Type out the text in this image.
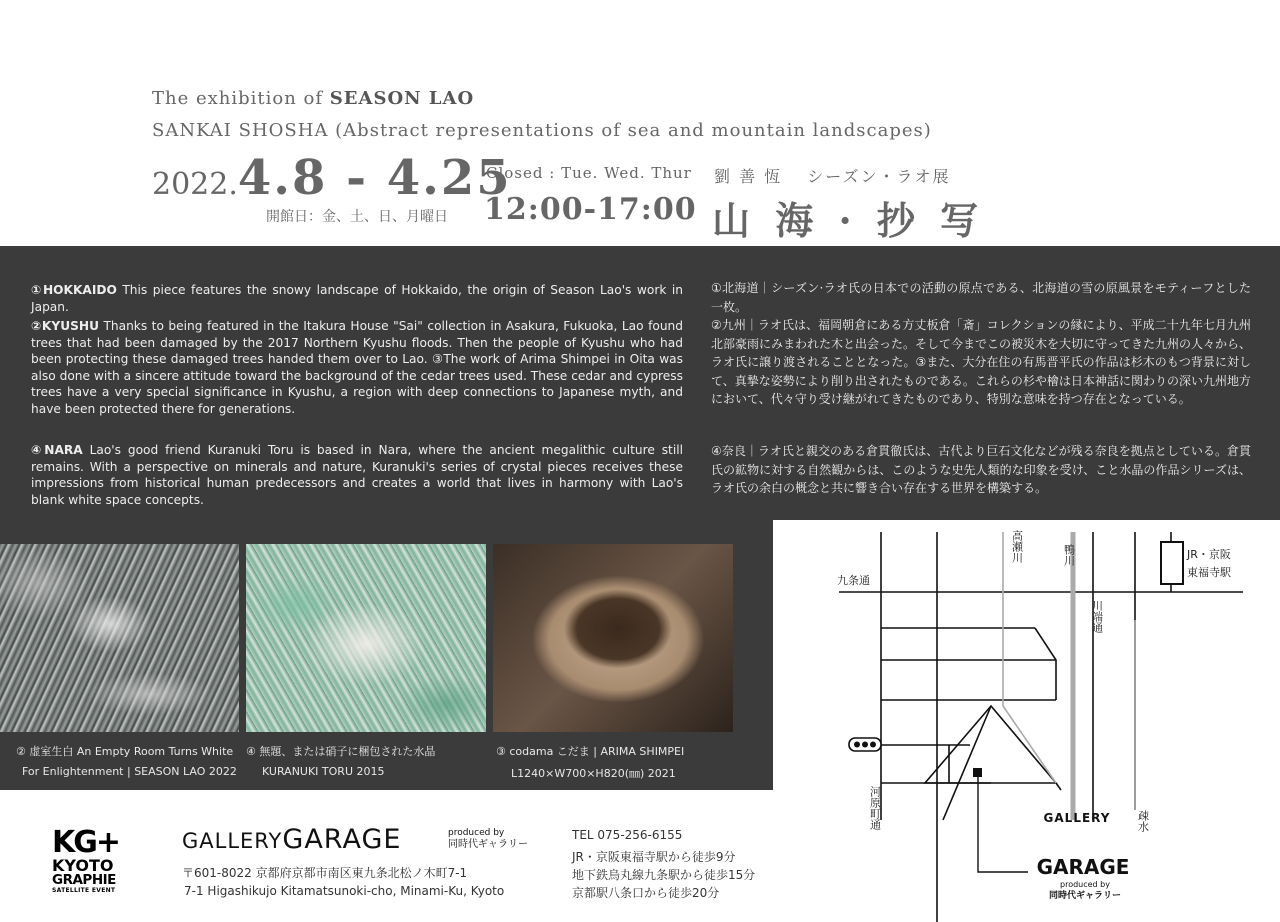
The exhibition of SEASON LAO
SANKAI SHOSHA (Abstract representations of sea and mountain landscapes)
2022.4.8 - 4.25
開館日：金、土、日、月曜日
Closed : Tue. Wed. Thur
12:00-17:00
劉 善 恆　 シーズン・ラオ展
山 海 · 抄 写
①HOKKAIDO This piece features the snowy landscape of Hokkaido, the origin of Season Lao's work in Japan.
②KYUSHU Thanks to being featured in the Itakura House "Sai" collection in Asakura, Fukuoka, Lao found trees that had been damaged by the 2017 Northern Kyushu floods. Then the people of Kyushu who had been protecting these damaged trees handed them over to Lao. ③The work of Arima Shimpei in Oita was also done with a sincere attitude toward the background of the cedar trees used. These cedar and cypress trees have a very special significance in Kyushu, a region with deep connections to Japanese myth, and have been protected there for generations.
④NARA Lao's good friend Kuranuki Toru is based in Nara, where the ancient megalithic culture still remains. With a perspective on minerals and nature, Kuranuki's series of crystal pieces receives these impressions from historical human predecessors and creates a world that lives in harmony with Lao's blank white space concepts.
①北海道｜シーズン·ラオ氏の日本での活動の原点である、北海道の雪の原風景をモティーフとした一枚。
②九州｜ラオ氏は、福岡朝倉にある方丈板倉「斎」コレクションの縁により、平成二十九年七月九州北部豪雨にみまわれた木と出会った。そして今までこの被災木を大切に守ってきた九州の人々から、ラオ氏に譲り渡されることとなった。③また、大分在住の有馬晋平氏の作品は杉木のもつ背景に対して、真摯な姿勢により削り出されたものである。これらの杉や檜は日本神話に関わりの深い九州地方において、代々守り受け継がれてきたものであり、特別な意味を持つ存在となっている。
④奈良｜ラオ氏と親交のある倉貫徹氏は、古代より巨石文化などが残る奈良を拠点としている。倉貫氏の鉱物に対する自然観からは、このような史先人類的な印象を受け、こと水晶の作品シリーズは、ラオ氏の余白の概念と共に響き合い存在する世界を構築する。
② 虚室生白 An Empty Room Turns White
For Enlightenment | SEASON LAO 2022
④ 無題、または硝子に梱包された水晶
KURANUKI TORU 2015
③ codama こだま | ARIMA SHIMPEI
L1240×W700×H820(㎜) 2021
九条通
JR・京阪
東福寺駅
鴨川
高瀬川
川端通
河原町通	疎水
GALLERY
GARAGE
produced by
同時代ギャラリー
KG+
KYOTO
GRAPHIE
SATELLITE EVENT
GALLERYGARAGE	produced by
同時代ギャラリー
〒601-8022 京都府京都市南区東九条北松ノ木町7-1
7-1 Higashikujo Kitamatsunoki-cho, Minami-Ku, Kyoto
TEL 075-256-6155
JR・京阪東福寺駅から徒歩9分
地下鉄烏丸線九条駅から徒歩15分
京都駅八条口から徒歩20分
